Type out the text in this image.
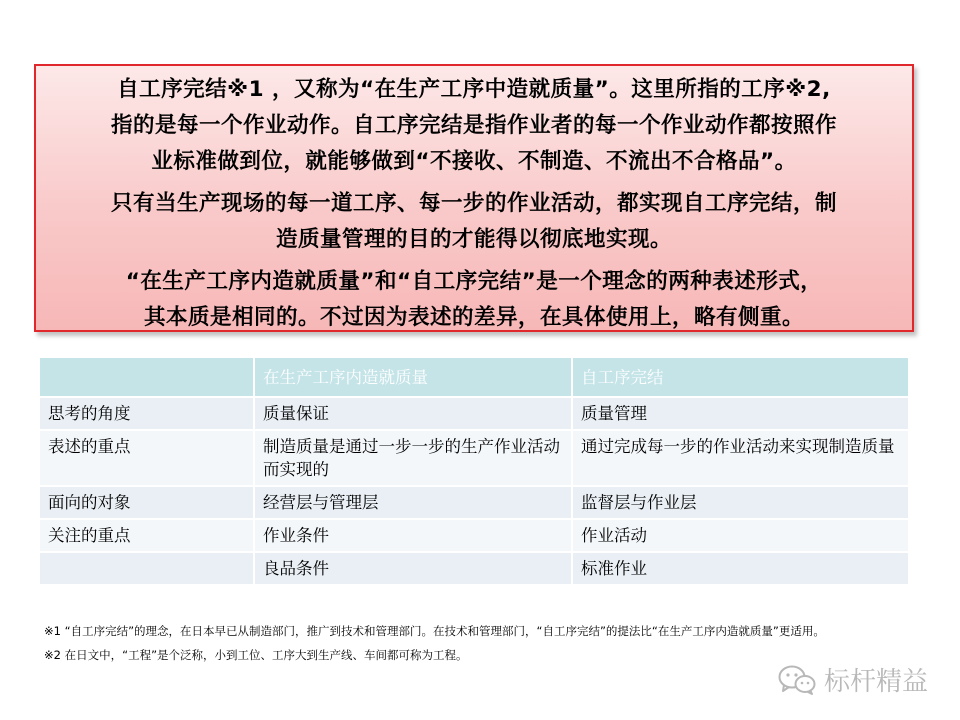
自工序完结※1 ，又称为“在生产工序中造就质量”。这里所指的工序※2,
指的是每一个作业动作。自工序完结是指作业者的每一个作业动作都按照作
业标准做到位，就能够做到“不接收、不制造、不流出不合格品”。

只有当生产现场的每一道工序、每一步的作业活动，都实现自工序完结，制
造质量管理的目的才能得以彻底地实现。

“在生产工序内造就质量”和“自工序完结”是一个理念的两种表述形式，
其本质是相同的。不过因为表述的差异，在具体使用上，略有侧重。

	在生产工序内造就质量	自工序完结
思考的角度	质量保证	质量管理
表述的重点	制造质量是通过一步一步的生产作业活动而实现的	通过完成每一步的作业活动来实现制造质量
面向的对象	经营层与管理层	监督层与作业层
关注的重点	作业条件	作业活动
	良品条件	标准作业

※1 “自工序完结”的理念，在日本早已从制造部门，推广到技术和管理部门。在技术和管理部门，“自工序完结”的提法比“在生产工序内造就质量”更适用。

※2 在日文中，“工程”是个泛称，小到工位、工序大到生产线、车间都可称为工程。

标杆精益
